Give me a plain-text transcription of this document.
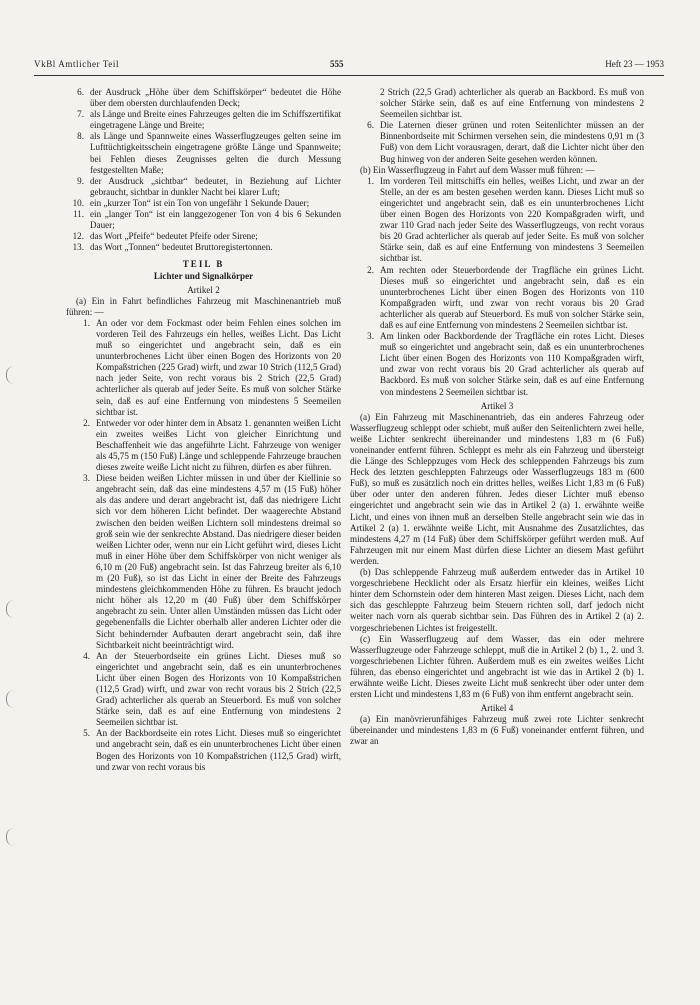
VkBl Amtlicher Teil	555	Heft 23 — 1953
6. der Ausdruck „Höhe über dem Schiffskörper“ bedeutet die Höhe über dem obersten durchlaufenden Deck;
7. als Länge und Breite eines Fahrzeuges gelten die im Schiffszertifikat eingetragene Länge und Breite;
8. als Länge und Spannweite eines Wasserflugzeuges gelten seine im Lufttüchtigkeitsschein eingetragene größte Länge und Spannweite; bei Fehlen dieses Zeugnisses gelten die durch Messung festgestellten Maße;
9. der Ausdruck „sichtbar“ bedeutet, in Beziehung auf Lichter gebraucht, sichtbar in dunkler Nacht bei klarer Luft;
10. ein „kurzer Ton“ ist ein Ton von ungefähr 1 Sekunde Dauer;
11. ein „langer Ton“ ist ein langgezogener Ton von 4 bis 6 Sekunden Dauer;
12. das Wort „Pfeife“ bedeutet Pfeife oder Sirene;
13. das Wort „Tonnen“ bedeutet Bruttoregistertonnen.
TEIL B
Lichter und Signalkörper
Artikel 2
(a) Ein in Fahrt befindliches Fahrzeug mit Maschinenantrieb muß führen: —
1. An oder vor dem Fockmast oder beim Fehlen eines solchen im vorderen Teil des Fahrzeugs ein helles, weißes Licht. Das Licht muß so eingerichtet und angebracht sein, daß es ein ununterbrochenes Licht über einen Bogen des Horizonts von 20 Kompaßstrichen (225 Grad) wirft, und zwar 10 Strich (112,5 Grad) nach jeder Seite, von recht voraus bis 2 Strich (22,5 Grad) achterlicher als querab auf jeder Seite. Es muß von solcher Stärke sein, daß es auf eine Entfernung von mindestens 5 Seemeilen sichtbar ist.
2. Entweder vor oder hinter dem in Absatz 1. genannten weißen Licht ein zweites weißes Licht von gleicher Einrichtung und Beschaffenheit wie das angeführte Licht. Fahrzeuge von weniger als 45,75 m (150 Fuß) Länge und schleppende Fahrzeuge brauchen dieses zweite weiße Licht nicht zu führen, dürfen es aber führen.
3. Diese beiden weißen Lichter müssen in und über der Kiellinie so angebracht sein, daß das eine mindestens 4,57 m (15 Fuß) höher als das andere und derart angebracht ist, daß das niedrigere Licht sich vor dem höheren Licht befindet. Der waagerechte Abstand zwischen den beiden weißen Lichtern soll mindestens dreimal so groß sein wie der senkrechte Abstand. Das niedrigere dieser beiden weißen Lichter oder, wenn nur ein Licht geführt wird, dieses Licht muß in einer Höhe über dem Schiffskörper von nicht weniger als 6,10 m (20 Fuß) angebracht sein. Ist das Fahrzeug breiter als 6,10 m (20 Fuß), so ist das Licht in einer der Breite des Fahrzeugs mindestens gleichkommenden Höhe zu führen. Es braucht jedoch nicht höher als 12,20 m (40 Fuß) über dem Schiffskörper angebracht zu sein. Unter allen Umständen müssen das Licht oder gegebenenfalls die Lichter oberhalb aller anderen Lichter oder die Sicht behindernder Aufbauten derart angebracht sein, daß ihre Sichtbarkeit nicht beeinträchtigt wird.
4. An der Steuerbordseite ein grünes Licht. Dieses muß so eingerichtet und angebracht sein, daß es ein ununterbrochenes Licht über einen Bogen des Horizonts von 10 Kompaßstrichen (112,5 Grad) wirft, und zwar von recht voraus bis 2 Strich (22,5 Grad) achterlicher als querab an Steuerbord. Es muß von solcher Stärke sein, daß es auf eine Entfernung von mindestens 2 Seemeilen sichtbar ist.
5. An der Backbordseite ein rotes Licht. Dieses muß so eingerichtet und angebracht sein, daß es ein ununterbrochenes Licht über einen Bogen des Horizonts von 10 Kompaßstrichen (112,5 Grad) wirft, und zwar von recht voraus bis
2 Strich (22,5 Grad) achterlicher als querab an Backbord. Es muß von solcher Stärke sein, daß es auf eine Entfernung von mindestens 2 Seemeilen sichtbar ist.
6. Die Laternen dieser grünen und roten Seitenlichter müssen an der Binnenbordseite mit Schirmen versehen sein, die mindestens 0,91 m (3 Fuß) von dem Licht vorausragen, derart, daß die Lichter nicht über den Bug hinweg von der anderen Seite gesehen werden können.
(b) Ein Wasserflugzeug in Fahrt auf dem Wasser muß führen: —
1. Im vorderen Teil mittschiffs ein helles, weißes Licht, und zwar an der Stelle, an der es am besten gesehen werden kann. Dieses Licht muß so eingerichtet und angebracht sein, daß es ein ununterbrochenes Licht über einen Bogen des Horizonts von 220 Kompaßgraden wirft, und zwar 110 Grad nach jeder Seite des Wasserflugzeugs, von recht voraus bis 20 Grad achterlicher als querab auf jeder Seite. Es muß von solcher Stärke sein, daß es auf eine Entfernung von mindestens 3 Seemeilen sichtbar ist.
2. Am rechten oder Steuerbordende der Tragfläche ein grünes Licht. Dieses muß so eingerichtet und angebracht sein, daß es ein ununterbrochenes Licht über einen Bogen des Horizonts von 110 Kompaßgraden wirft, und zwar von recht voraus bis 20 Grad achterlicher als querab auf Steuerbord. Es muß von solcher Stärke sein, daß es auf eine Entfernung von mindestens 2 Seemeilen sichtbar ist.
3. Am linken oder Backbordende der Tragfläche ein rotes Licht. Dieses muß so eingerichtet und angebracht sein, daß es ein ununterbrochenes Licht über einen Bogen des Horizonts von 110 Kompaßgraden wirft, und zwar von recht voraus bis 20 Grad achterlicher als querab auf Backbord. Es muß von solcher Stärke sein, daß es auf eine Entfernung von mindestens 2 Seemeilen sichtbar ist.
Artikel 3
(a) Ein Fahrzeug mit Maschinenantrieb, das ein anderes Fahrzeug oder Wasserflugzeug schleppt oder schiebt, muß außer den Seitenlichtern zwei helle, weiße Lichter senkrecht übereinander und mindestens 1,83 m (6 Fuß) voneinander entfernt führen. Schleppt es mehr als ein Fahrzeug und übersteigt die Länge des Schleppzuges vom Heck des schleppenden Fahrzeugs bis zum Heck des letzten geschleppten Fahrzeugs oder Wasserflugzeugs 183 m (600 Fuß), so muß es zusätzlich noch ein drittes helles, weißes Licht 1,83 m (6 Fuß) über oder unter den anderen führen. Jedes dieser Lichter muß ebenso eingerichtet und angebracht sein wie das in Artikel 2 (a) 1. erwähnte weiße Licht, und eines von ihnen muß an derselben Stelle angebracht sein wie das in Artikel 2 (a) 1. erwähnte weiße Licht, mit Ausnahme des Zusatzlichtes, das mindestens 4,27 m (14 Fuß) über dem Schiffskörper geführt werden muß. Auf Fahrzeugen mit nur einem Mast dürfen diese Lichter an diesem Mast geführt werden.
(b) Das schleppende Fahrzeug muß außerdem entweder das in Artikel 10 vorgeschriebene Hecklicht oder als Ersatz hierfür ein kleines, weißes Licht hinter dem Schornstein oder dem hinteren Mast zeigen. Dieses Licht, nach dem sich das geschleppte Fahrzeug beim Steuern richten soll, darf jedoch nicht weiter nach vorn als querab sichtbar sein. Das Führen des in Artikel 2 (a) 2. vorgeschriebenen Lichtes ist freigestellt.
(c) Ein Wasserflugzeug auf dem Wasser, das ein oder mehrere Wasserflugzeuge oder Fahrzeuge schleppt, muß die in Artikel 2 (b) 1., 2. und 3. vorgeschriebenen Lichter führen. Außerdem muß es ein zweites weißes Licht führen, das ebenso eingerichtet und angebracht ist wie das in Artikel 2 (b) 1. erwähnte weiße Licht. Dieses zweite Licht muß senkrecht über oder unter dem ersten Licht und mindestens 1,83 m (6 Fuß) von ihm entfernt angebracht sein.
Artikel 4
(a) Ein manövrierunfähiges Fahrzeug muß zwei rote Lichter senkrecht übereinander und mindestens 1,83 m (6 Fuß) voneinander entfernt führen, und zwar an
